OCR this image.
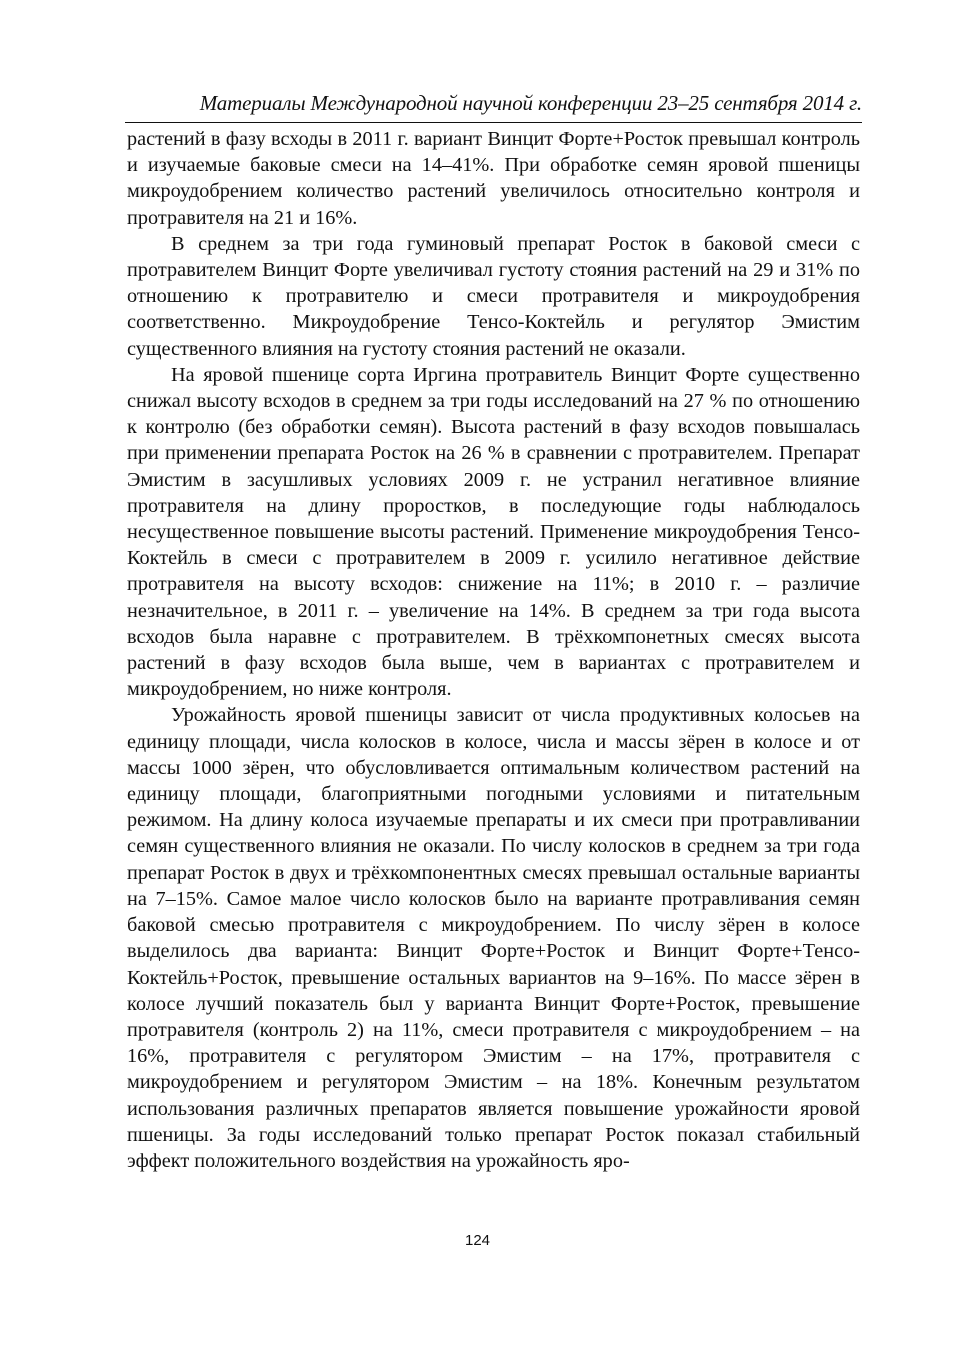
Материалы Международной научной конференции 23–25 сентября 2014 г.

растений в фазу всходы в 2011 г. вариант Винцит Форте+Росток превышал контроль и изучаемые баковые смеси на 14–41%. При обработке семян яровой пшеницы микроудобрением количество растений увеличилось относительно контроля и протравителя на 21 и 16%.

В среднем за три года гуминовый препарат Росток в баковой смеси с протравителем Винцит Форте увеличивал густоту стояния растений на 29 и 31% по отношению к протравителю и смеси протравителя и микроудобрения соответственно. Микроудобрение Тенсо-Коктейль и регулятор Эмистим существенного влияния на густоту стояния растений не оказали.

На яровой пшенице сорта Иргина протравитель Винцит Форте существенно снижал высоту всходов в среднем за три годы исследований на 27 % по отношению к контролю (без обработки семян). Высота растений в фазу всходов повышалась при применении препарата Росток на 26 % в сравнении с протравителем. Препарат Эмистим в засушливых условиях 2009 г. не устранил негативное влияние протравителя на длину проростков, в последующие годы наблюдалось несущественное повышение высоты растений. Применение микроудобрения Тенсо-Коктейль в смеси с протравителем в 2009 г. усилило негативное действие протравителя на высоту всходов: снижение на 11%; в 2010 г. – различие незначительное, в 2011 г. – увеличение на 14%. В среднем за три года высота всходов была наравне с протравителем. В трёхкомпонетных смесях высота растений в фазу всходов была выше, чем в вариантах с протравителем и микроудобрением, но ниже контроля.

Урожайность яровой пшеницы зависит от числа продуктивных колосьев на единицу площади, числа колосков в колосе, числа и массы зёрен в колосе и от массы 1000 зёрен, что обусловливается оптимальным количеством растений на единицу площади, благоприятными погодными условиями и питательным режимом. На длину колоса изучаемые препараты и их смеси при протравливании семян существенного влияния не оказали. По числу колосков в среднем за три года препарат Росток в двух и трёхкомпонентных смесях превышал остальные варианты на 7–15%. Самое малое число колосков было на варианте протравливания семян баковой смесью протравителя с микроудобрением. По числу зёрен в колосе выделилось два варианта: Винцит Форте+Росток и Винцит Форте+Тенсо-Коктейль+Росток, превышение остальных вариантов на 9–16%. По массе зёрен в колосе лучший показатель был у варианта Винцит Форте+Росток, превышение протравителя (контроль 2) на 11%, смеси протравителя с микроудобрением – на 16%, протравителя с регулятором Эмистим – на 17%, протравителя с микроудобрением и регулятором Эмистим – на 18%. Конечным результатом использования различных препаратов является повышение урожайности яровой пшеницы. За годы исследований только препарат Росток показал стабильный эффект положительного воздействия на урожайность яро-

124
